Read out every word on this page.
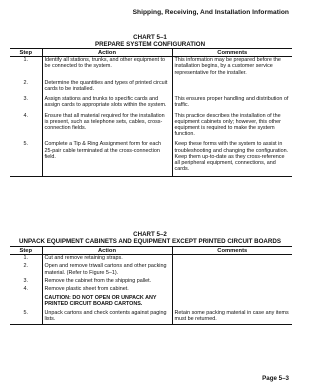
Shipping, Receiving, And Installation Information
CHART 5–1
PREPARE SYSTEM CONFIGURATION
Step	Action	Comments
1.	Identify all stations, trunks, and other equipment to be connected to the system.	This information may be prepared before the installation begins, by a customer service representative for the installer.
2.	Determine the quantities and types of printed circuit cards to be installed.	
3.	Assign stations and trunks to specific cards and assign cards to appropriate slots within the system.	This ensures proper handling and distribution of traffic.
4.	Ensure that all material required for the installation is present, such as telephone sets, cables, cross-connection fields.	This practice describes the installation of the equipment cabinets only; however, this other equipment is required to make the system function.
5.	Complete a Tip & Ring Assignment form for each 25-pair cable terminated at the cross-connection field.	Keep these forms with the system to assist in troubleshooting and changing the configuration. Keep them up-to-date as they cross-reference all peripheral equipment, connections, and cards.
CHART 5–2
UNPACK EQUIPMENT CABINETS AND EQUIPMENT EXCEPT PRINTED CIRCUIT BOARDS
Step	Action	Comments
1.	Cut and remove retaining straps.	
2.	Open and remove triwall cartons and other packing material. (Refer to Figure 5–1).	
3.	Remove the cabinet from the shipping pallet.	
4.	Remove plastic sheet from cabinet.
CAUTION: DO NOT OPEN OR UNPACK ANY PRINTED CIRCUIT BOARD CARTONS.	

5.	Unpack cartons and check contents against paging lists.	Retain some packing material in case any items must be returned.
Page 5–3
